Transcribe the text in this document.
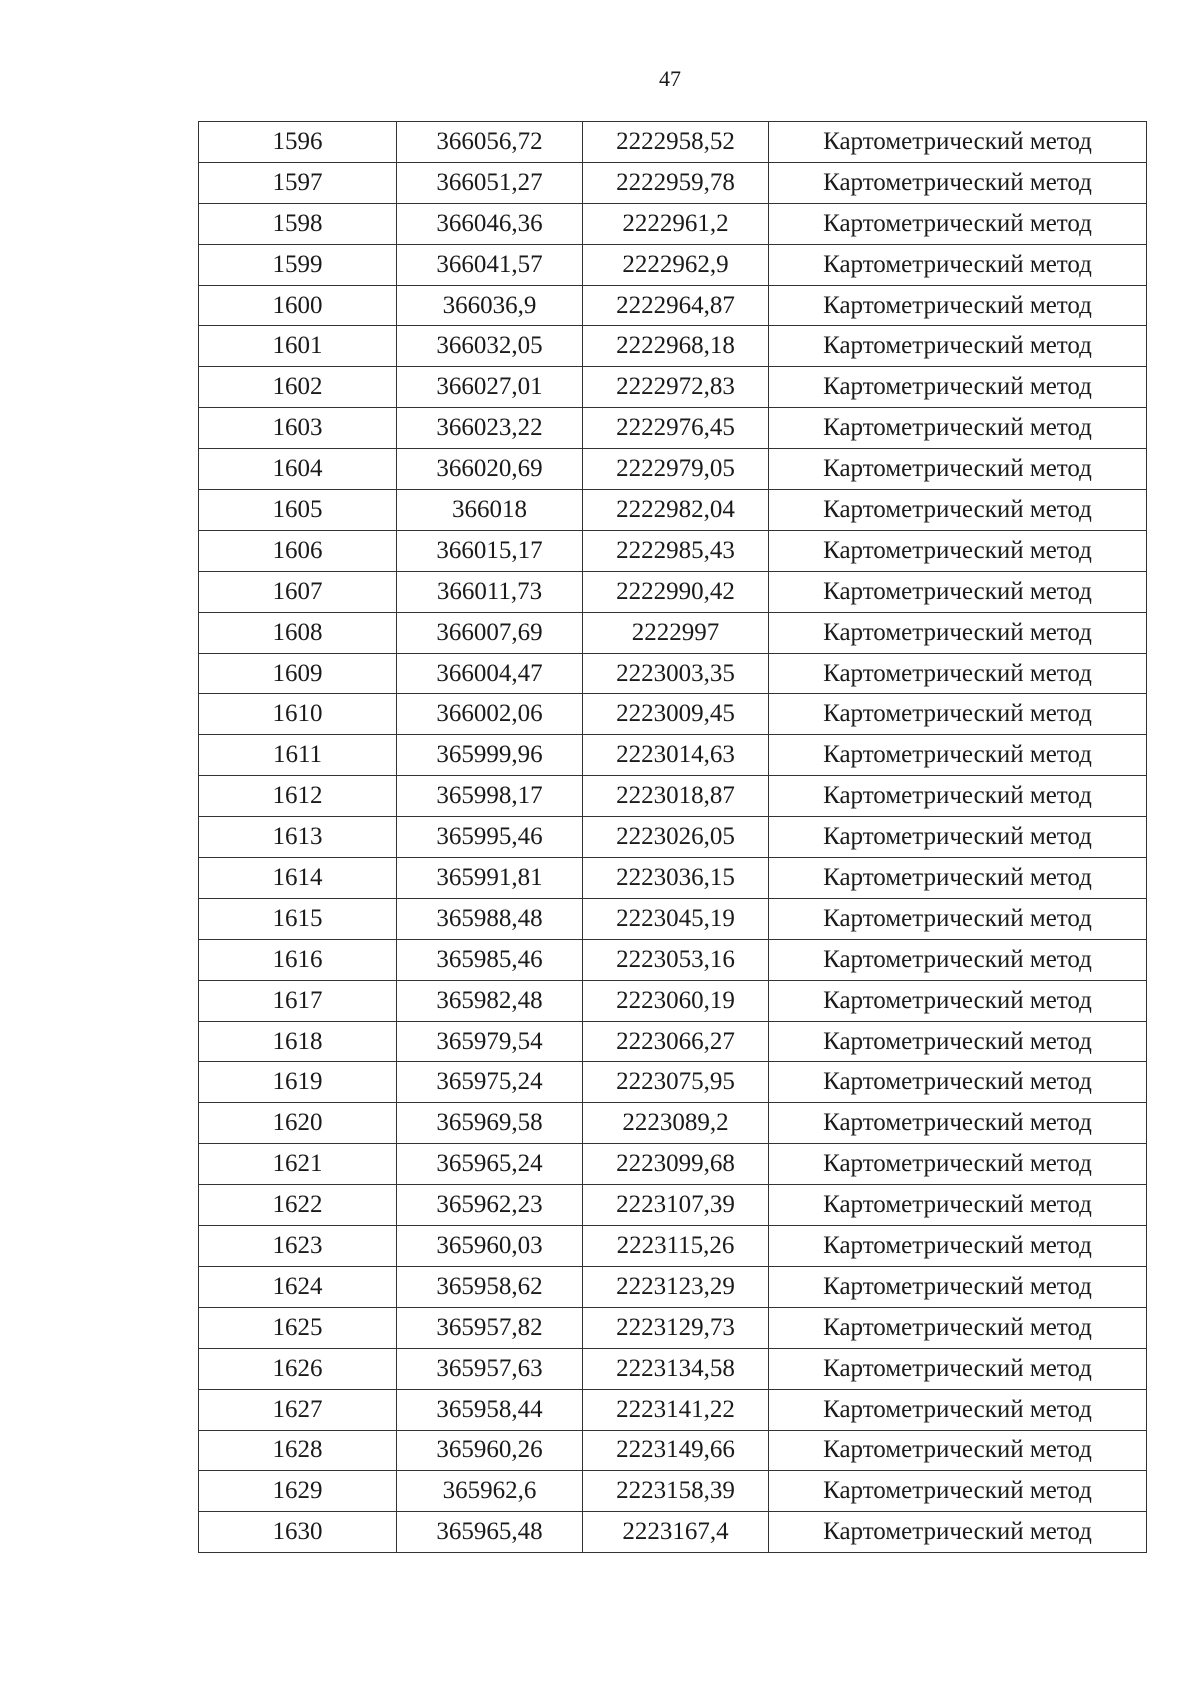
47
1596	366056,72	2222958,52	Картометрический метод
1597	366051,27	2222959,78	Картометрический метод
1598	366046,36	2222961,2	Картометрический метод
1599	366041,57	2222962,9	Картометрический метод
1600	366036,9	2222964,87	Картометрический метод
1601	366032,05	2222968,18	Картометрический метод
1602	366027,01	2222972,83	Картометрический метод
1603	366023,22	2222976,45	Картометрический метод
1604	366020,69	2222979,05	Картометрический метод
1605	366018	2222982,04	Картометрический метод
1606	366015,17	2222985,43	Картометрический метод
1607	366011,73	2222990,42	Картометрический метод
1608	366007,69	2222997	Картометрический метод
1609	366004,47	2223003,35	Картометрический метод
1610	366002,06	2223009,45	Картометрический метод
1611	365999,96	2223014,63	Картометрический метод
1612	365998,17	2223018,87	Картометрический метод
1613	365995,46	2223026,05	Картометрический метод
1614	365991,81	2223036,15	Картометрический метод
1615	365988,48	2223045,19	Картометрический метод
1616	365985,46	2223053,16	Картометрический метод
1617	365982,48	2223060,19	Картометрический метод
1618	365979,54	2223066,27	Картометрический метод
1619	365975,24	2223075,95	Картометрический метод
1620	365969,58	2223089,2	Картометрический метод
1621	365965,24	2223099,68	Картометрический метод
1622	365962,23	2223107,39	Картометрический метод
1623	365960,03	2223115,26	Картометрический метод
1624	365958,62	2223123,29	Картометрический метод
1625	365957,82	2223129,73	Картометрический метод
1626	365957,63	2223134,58	Картометрический метод
1627	365958,44	2223141,22	Картометрический метод
1628	365960,26	2223149,66	Картометрический метод
1629	365962,6	2223158,39	Картометрический метод
1630	365965,48	2223167,4	Картометрический метод
